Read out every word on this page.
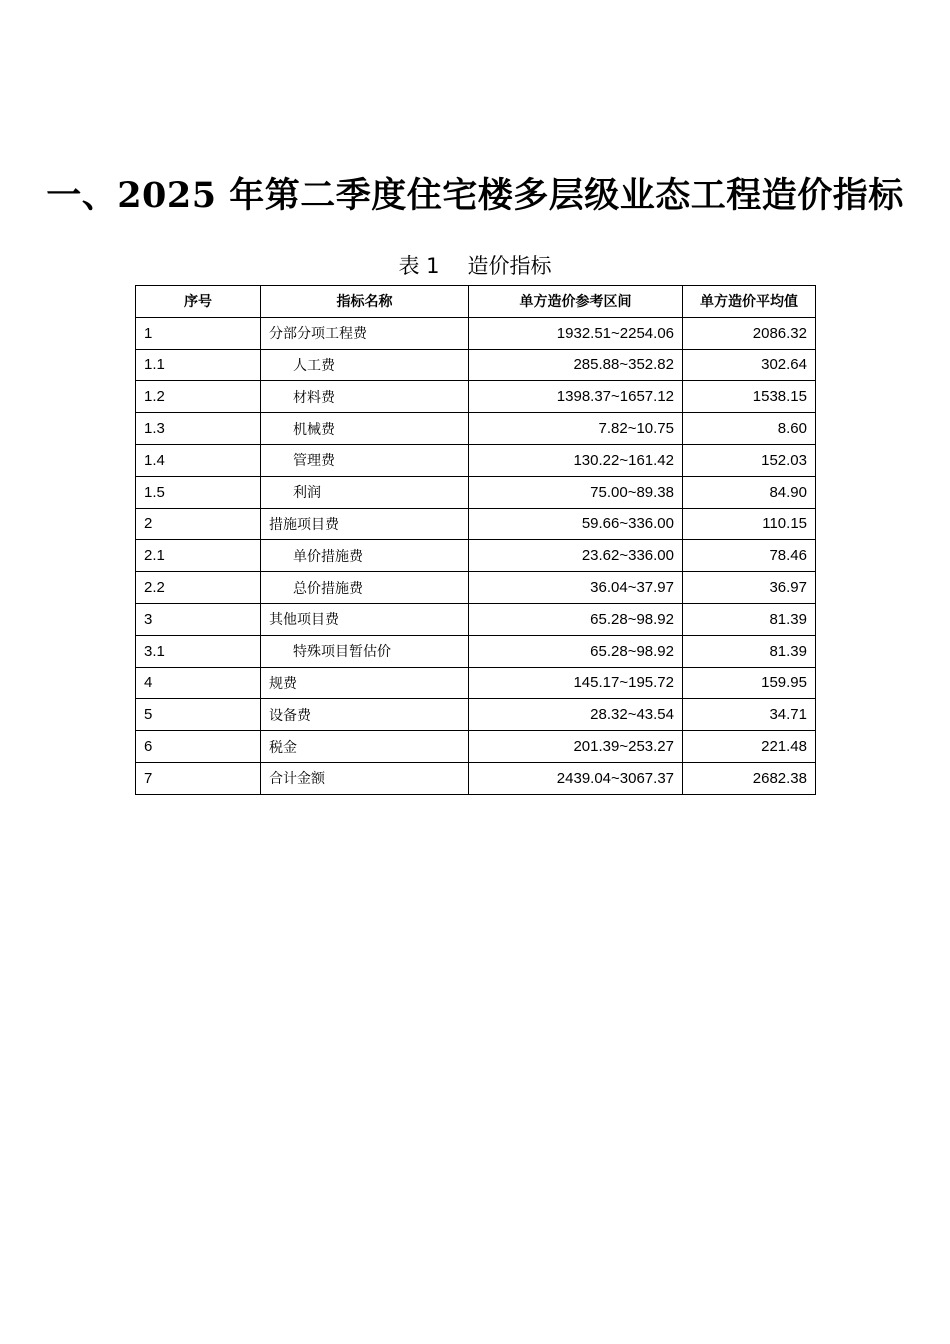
一、2025 年第二季度住宅楼多层级业态工程造价指标
表 1 造价指标
序号	指标名称	单方造价参考区间	单方造价平均值
1	分部分项工程费	1932.51~2254.06	2086.32
1.1	人工费	285.88~352.82	302.64
1.2	材料费	1398.37~1657.12	1538.15
1.3	机械费	7.82~10.75	8.60
1.4	管理费	130.22~161.42	152.03
1.5	利润	75.00~89.38	84.90
2	措施项目费	59.66~336.00	110.15
2.1	单价措施费	23.62~336.00	78.46
2.2	总价措施费	36.04~37.97	36.97
3	其他项目费	65.28~98.92	81.39
3.1	特殊项目暂估价	65.28~98.92	81.39
4	规费	145.17~195.72	159.95
5	设备费	28.32~43.54	34.71
6	税金	201.39~253.27	221.48
7	合计金额	2439.04~3067.37	2682.38
